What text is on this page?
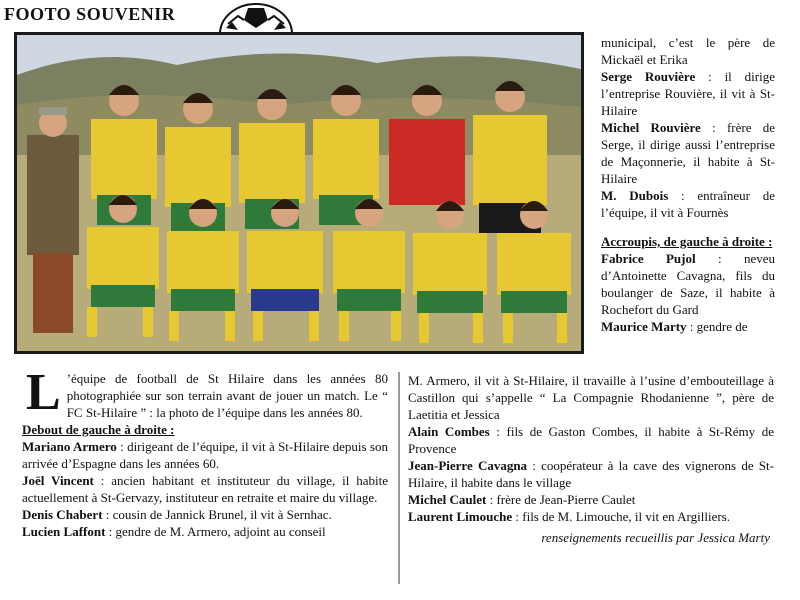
FOOTO SOUVENIR

municipal, c’est le père de Mickaël et Erika

Serge Rouvière : il dirige l’entreprise Rouvière, il vit à St-Hilaire

Michel Rouvière : frère de Serge, il dirige aussi l’entreprise de Maçonnerie, il habite à St-Hilaire

M. Dubois : entraîneur de l’équipe, il vit à Fournès

Accroupis, de gauche à droite :

Fabrice Pujol : neveu d’Antoinette Cavagna, fils du boulanger de Saze, il habite à Rochefort du Gard

Maurice Marty : gendre de

L ’équipe de football de St Hilaire dans les années 80 photographiée sur son terrain avant de jouer un match. Le “ FC St-Hilaire ” : la photo de l’équipe dans les années 80.

Debout de gauche à droite :

Mariano Armero : dirigeant de l’équipe, il vit à St-Hilaire depuis son arrivée d’Espagne dans les années 60.

Joël Vincent : ancien habitant et instituteur du village, il habite actuellement à St-Gervazy, instituteur en retraite et maire du village.

Denis Chabert : cousin de Jannick Brunel, il vit à Sernhac.

Lucien Laffont : gendre de M. Armero, adjoint au conseil

M. Armero, il vit à St-Hilaire, il travaille à l’usine d’embouteillage à Castillon qui s’appelle “ La Compagnie Rhodanienne ”, père de Laetitia et Jessica

Alain Combes : fils de Gaston Combes, il habite à St-Rémy de Provence

Jean-Pierre Cavagna : coopérateur à la cave des vignerons de St-Hilaire, il habite dans le village

Michel Caulet : frère de Jean-Pierre Caulet

Laurent Limouche : fils de M. Limouche, il vit en Argilliers.

renseignements recueillis par Jessica Marty
